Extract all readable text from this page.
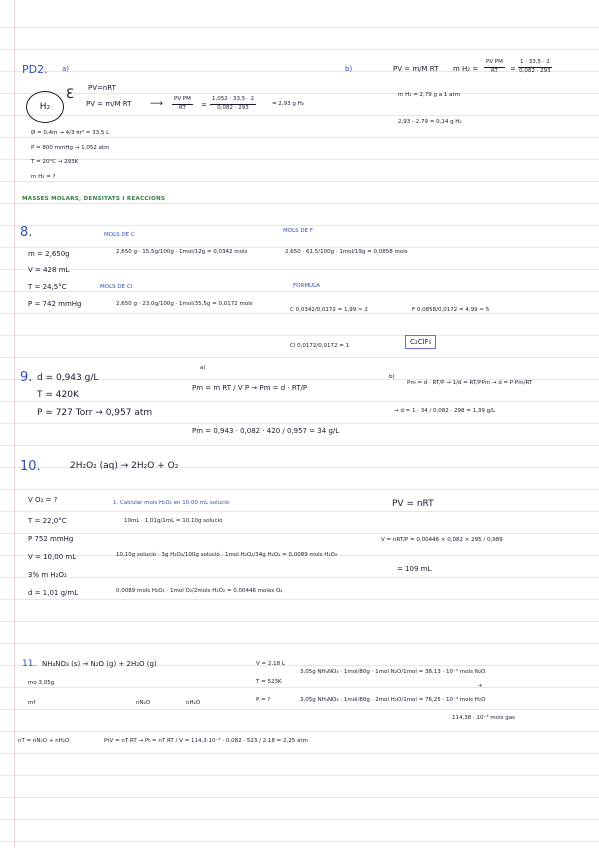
PD2. a)	b)
H₂
ℇ PV=nRT
PV = m/M RT ⟶ $\frac{\text{PV PM}}{RT} = \frac{1,052 \cdot 33,5 \cdot 2}{0,082 \cdot 293}$	= 2,93 g H₂
Ø = 0,4m → 4/3 πr³ = 33,5 L
P = 800 mmHg → 1,052 atm
T = 20°C → 293K
m H₂ = ?
PV = m/M RT m $H_2 = \frac{\text{PV PM}}{RT} = \frac{1 \cdot 33,5 \cdot 2}{0,082 \cdot 293}$
m H₂ = 2,79 g a 1 atm
2,93 - 2,79 = 0,14 g H₂
MASSES MOLARS, DENSITATS I REACCIONS
8.
m = 2,650g
V = 428 mL
T = 24,5°C
P = 742 mmHg
MOLS DE C
MOLS DE F
MOLS DE Cl	FORMULA
2,650 g · 15,5g/100g · 1mol/12g = 0,0342 mols	2,650 · 61,5/100g · 1mol/19g = 0,0858 mols
2,650 g · 23,0g/100g · 1mol/35,5g = 0,0172 mols
C 0,0342/0,0172 = 1,99 ≈ 2	F 0,0858/0,0172 = 4,99 ≈ 5
Cl 0,0172/0,0172 = 1	C₂ClF₅
9. d = 0,943 g/L
T = 420K
P = 727 Torr → 0,957 atm
a)
Pm = m RT / V P → Pm = d · RT/P
Pm = 0,943 · 0,082 · 420 / 0,957 = 34 g/L
b)
Pm = d · RT/P → 1/d = RT/PPm → d = P·Pm/RT
→ d = 1 · 34 / 0,082 · 298 = 1,39 g/L
10.	2H₂O₂ (aq) → 2H₂O + O₂
V O₂ = ?
T = 22,0°C
P 752 mmHg
V = 10,00 mL
3% m H₂O₂
d = 1,01 g/mL
1. Calcular mols H₂O₂ en 10,00 mL solució
10mL · 1,01g/1mL = 10,10g solució
10,10g solució · 3g H₂O₂/100g solució · 1mol H₂O₂/34g H₂O₂ = 0,0089 mols H₂O₂
0,0089 mols H₂O₂ · 1mol O₂/2mols H₂O₂ = 0,00446 moles O₂
PV = nRT
V = nRT/P = 0,00446 × 0,082 × 295 / 0,989
= 109 mL
11. NH₄NO₃ (s) → N₂O (g) + 2H₂O (g)
mo 3,05g
mf	nN₂O	nH₂O
V = 2,18 L
T = 523K
P = ?
3,05g NH₄NO₃ · 1mol/80g · 1mol N₂O/1mol = 38,13 · 10⁻³ mols N₂O
+
3,05g NH₄NO₃ · 1mol/80g · 2mol H₂O/1mol = 76,25 · 10⁻³ mols H₂O
114,38 · 10⁻³ mols gas
nT = nN₂O + nH₂O	PtV = nT RT → Pt = nT RT / V = 114,3·10⁻³ · 0,082 · 523 / 2,18 = 2,25 atm
